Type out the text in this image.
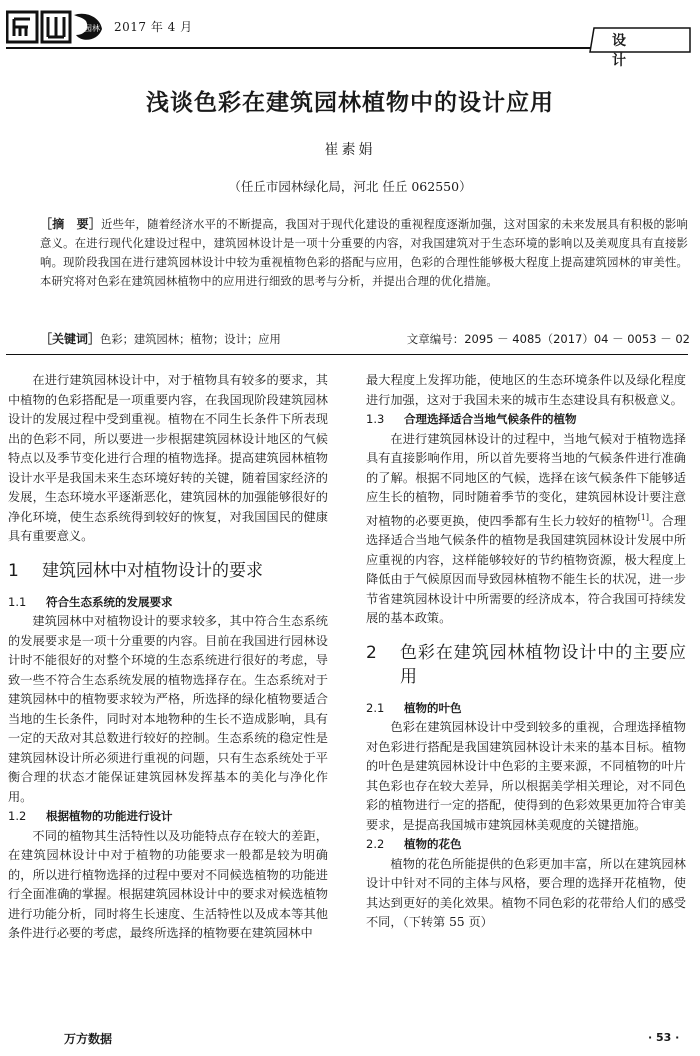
园林 2017 年 4 月
设 计
浅谈色彩在建筑园林植物中的设计应用
崔素娟
（任丘市园林绿化局，河北 任丘 062550）
［摘　要］近些年，随着经济水平的不断提高，我国对于现代化建设的重视程度逐渐加强，这对国家的未来发展具有积极的影响意义。在进行现代化建设过程中，建筑园林设计是一项十分重要的内容，对我国建筑对于生态环境的影响以及美观度具有直接影响。现阶段我国在进行建筑园林设计中较为重视植物色彩的搭配与应用，色彩的合理性能够极大程度上提高建筑园林的审美性。本研究将对色彩在建筑园林植物中的应用进行细致的思考与分析，并提出合理的优化措施。
［关键词］色彩；建筑园林；植物；设计；应用	文章编号：2095 － 4085（2017）04 － 0053 － 02

在进行建筑园林设计中，对于植物具有较多的要求，其中植物的色彩搭配是一项重要内容，在我国现阶段建筑园林设计的发展过程中受到重视。植物在不同生长条件下所表现出的色彩不同，所以要进一步根据建筑园林设计地区的气候特点以及季节变化进行合理的植物选择。提高建筑园林植物设计水平是我国未来生态环境好转的关键，随着国家经济的发展，生态环境水平逐渐恶化，建筑园林的加强能够很好的净化环境，使生态系统得到较好的恢复，对我国国民的健康具有重要意义。

1	建筑园林中对植物设计的要求
1.1	符合生态系统的发展要求

建筑园林中对植物设计的要求较多，其中符合生态系统的发展要求是一项十分重要的内容。目前在我国进行园林设计时不能很好的对整个环境的生态系统进行很好的考虑，导致一些不符合生态系统发展的植物选择存在。生态系统对于建筑园林中的植物要求较为严格，所选择的绿化植物要适合当地的生长条件，同时对本地物种的生长不造成影响，具有一定的天敌对其总数进行较好的控制。生态系统的稳定性是建筑园林设计所必须进行重视的问题，只有生态系统处于平衡合理的状态才能保证建筑园林发挥基本的美化与净化作用。

1.2	根据植物的功能进行设计

不同的植物其生活特性以及功能特点存在较大的差距，在建筑园林设计中对于植物的功能要求一般都是较为明确的，所以进行植物选择的过程中要对不同候选植物的功能进行全面准确的掌握。根据建筑园林设计中的要求对候选植物进行功能分析，同时将生长速度、生活特性以及成本等其他条件进行必要的考虑，最终所选择的植物要在建筑园林中

最大程度上发挥功能，使地区的生态环境条件以及绿化程度进行加强，这对于我国未来的城市生态建设具有积极意义。

1.3	合理选择适合当地气候条件的植物

在进行建筑园林设计的过程中，当地气候对于植物选择具有直接影响作用，所以首先要将当地的气候条件进行准确的了解。根据不同地区的气候，选择在该气候条件下能够适应生长的植物，同时随着季节的变化，建筑园林设计要注意对植物的必要更换，使四季都有生长力较好的植物[1]。合理选择适合当地气候条件的植物是我国建筑园林设计发展中所应重视的内容，这样能够较好的节约植物资源，极大程度上降低由于气候原因而导致园林植物不能生长的状况，进一步节省建筑园林设计中所需要的经济成本，符合我国可持续发展的基本政策。

2	色彩在建筑园林植物设计中的主要应用
2.1	植物的叶色

色彩在建筑园林设计中受到较多的重视，合理选择植物对色彩进行搭配是我国建筑园林设计未来的基本目标。植物的叶色是建筑园林设计中色彩的主要来源，不同植物的叶片其色彩也存在较大差异，所以根据美学相关理论，对不同色彩的植物进行一定的搭配，使得到的色彩效果更加符合审美要求，是提高我国城市建筑园林美观度的关键措施。

2.2	植物的花色

植物的花色所能提供的色彩更加丰富，所以在建筑园林设计中针对不同的主体与风格，要合理的选择开花植物，使其达到更好的美化效果。植物不同色彩的花带给人们的感受不同，（下转第 55 页）

万方数据	· 53 ·
